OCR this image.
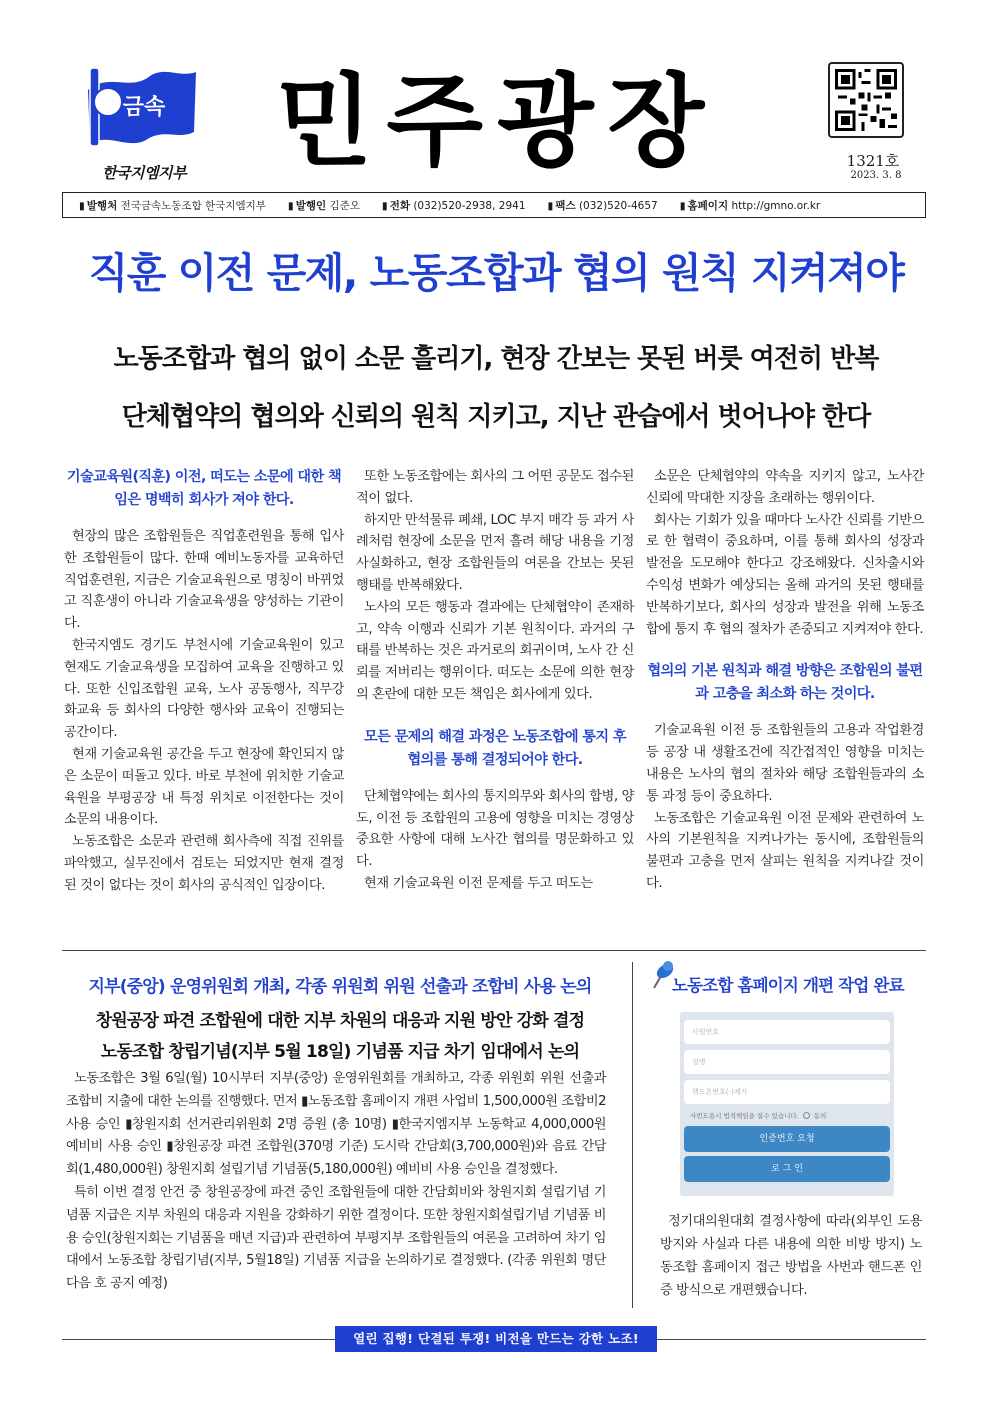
금속
한국지엠지부 민주광장	1321호
2023. 3. 8
▮ 발행처 전국금속노동조합 한국지엠지부	▮ 발행인 김준오	▮ 전화 (032)520-2938, 2941	▮ 팩스 (032)520-4657	▮ 홈페이지 http://gmno.or.kr
직훈 이전 문제, 노동조합과 협의 원칙 지켜져야
노동조합과 협의 없이 소문 흘리기, 현장 간보는 못된 버릇 여전히 반복
단체협약의 협의와 신뢰의 원칙 지키고, 지난 관습에서 벗어나야 한다
기술교육원(직훈) 이전, 떠도는 소문에 대한 책임은 명백히 회사가 져야 한다.

현장의 많은 조합원들은 직업훈련원을 통해 입사한 조합원들이 많다. 한때 예비노동자를 교육하던 직업훈련원, 지금은 기술교육원으로 명칭이 바뀌었고 직훈생이 아니라 기술교육생을 양성하는 기관이다.

한국지엠도 경기도 부천시에 기술교육원이 있고 현재도 기술교육생을 모집하여 교육을 진행하고 있다. 또한 신입조합원 교육, 노사 공동행사, 직무강화교육 등 회사의 다양한 행사와 교육이 진행되는 공간이다.

현재 기술교육원 공간을 두고 현장에 확인되지 않은 소문이 떠돌고 있다. 바로 부천에 위치한 기술교육원을 부평공장 내 특정 위치로 이전한다는 것이 소문의 내용이다.

노동조합은 소문과 관련해 회사측에 직접 진위를 파악했고, 실무진에서 검토는 되었지만 현재 결정된 것이 없다는 것이 회사의 공식적인 입장이다.

또한 노동조합에는 회사의 그 어떤 공문도 접수된 적이 없다.

하지만 만석물류 폐쇄, LOC 부지 매각 등 과거 사례처럼 현장에 소문을 먼저 흘려 해당 내용을 기정사실화하고, 현장 조합원들의 여론을 간보는 못된 행태를 반복해왔다.

노사의 모든 행동과 결과에는 단체협약이 존재하고, 약속 이행과 신뢰가 기본 원칙이다. 과거의 구태를 반복하는 것은 과거로의 회귀이며, 노사 간 신뢰를 저버리는 행위이다. 떠도는 소문에 의한 현장의 혼란에 대한 모든 책임은 회사에게 있다.

모든 문제의 해결 과정은 노동조합에 통지 후 협의를 통해 결정되어야 한다.

단체협약에는 회사의 통지의무와 회사의 합병, 양도, 이전 등 조합원의 고용에 영향을 미치는 경영상 중요한 사항에 대해 노사간 협의를 명문화하고 있다.

현재 기술교육원 이전 문제를 두고 떠도는

소문은 단체협약의 약속을 지키지 않고, 노사간 신뢰에 막대한 지장을 초래하는 행위이다.

회사는 기회가 있을 때마다 노사간 신뢰를 기반으로 한 협력이 중요하며, 이를 통해 회사의 성장과 발전을 도모해야 한다고 강조해왔다. 신차출시와 수익성 변화가 예상되는 올해 과거의 못된 행태를 반복하기보다, 회사의 성장과 발전을 위해 노동조합에 통지 후 협의 절차가 존중되고 지켜져야 한다.

협의의 기본 원칙과 해결 방향은 조합원의 불편과 고충을 최소화 하는 것이다.

기술교육원 이전 등 조합원들의 고용과 작업환경 등 공장 내 생활조건에 직간접적인 영향을 미치는 내용은 노사의 협의 절차와 해당 조합원들과의 소통 과정 등이 중요하다.

노동조합은 기술교육원 이전 문제와 관련하여 노사의 기본원칙을 지켜나가는 동시에, 조합원들의 불편과 고충을 먼저 살피는 원칙을 지켜나갈 것이다.

지부(중앙) 운영위원회 개최, 각종 위원회 위원 선출과 조합비 사용 논의
창원공장 파견 조합원에 대한 지부 차원의 대응과 지원 방안 강화 결정
노동조합 창립기념(지부 5월 18일) 기념품 지급 차기 임대에서 논의

노동조합은 3월 6일(월) 10시부터 지부(중앙) 운영위원회를 개최하고, 각종 위원회 위원 선출과 조합비 지출에 대한 논의를 진행했다. 먼저 ▮노동조합 홈페이지 개편 사업비 1,500,000원 조합비2 사용 승인 ▮창원지회 선거관리위원회 2명 증원 (총 10명) ▮한국지엠지부 노동학교 4,000,000원 예비비 사용 승인 ▮창원공장 파견 조합원(370명 기준) 도시락 간담회(3,700,000원)와 음료 간담회(1,480,000원) 창원지회 설립기념 기념품(5,180,000원) 예비비 사용 승인을 결정했다.

특히 이번 결정 안건 중 창원공장에 파견 중인 조합원들에 대한 간담회비와 창원지회 설립기념 기념품 지급은 지부 차원의 대응과 지원을 강화하기 위한 결정이다. 또한 창원지회설립기념 기념품 비용 승인(창원지회는 기념품을 매년 지급)과 관련하여 부평지부 조합원들의 여론을 고려하여 차기 임대에서 노동조합 창립기념(지부, 5월18일) 기념품 지급을 논의하기로 결정했다. (각종 위원회 명단 다음 호 공지 예정)

노동조합 홈페이지 개편 작업 완료
사원번호
성명
핸드폰번호(-)제거
사번도용시 법적책임을 질수 있습니다. 동의
인증번호 요청
로 그 인

정기대의원대회 결정사항에 따라(외부인 도용 방지와 사실과 다른 내용에 의한 비방 방지) 노동조합 홈페이지 접근 방법을 사번과 핸드폰 인증 방식으로 개편했습니다.

열린 집행! 단결된 투쟁! 비전을 만드는 강한 노조!
